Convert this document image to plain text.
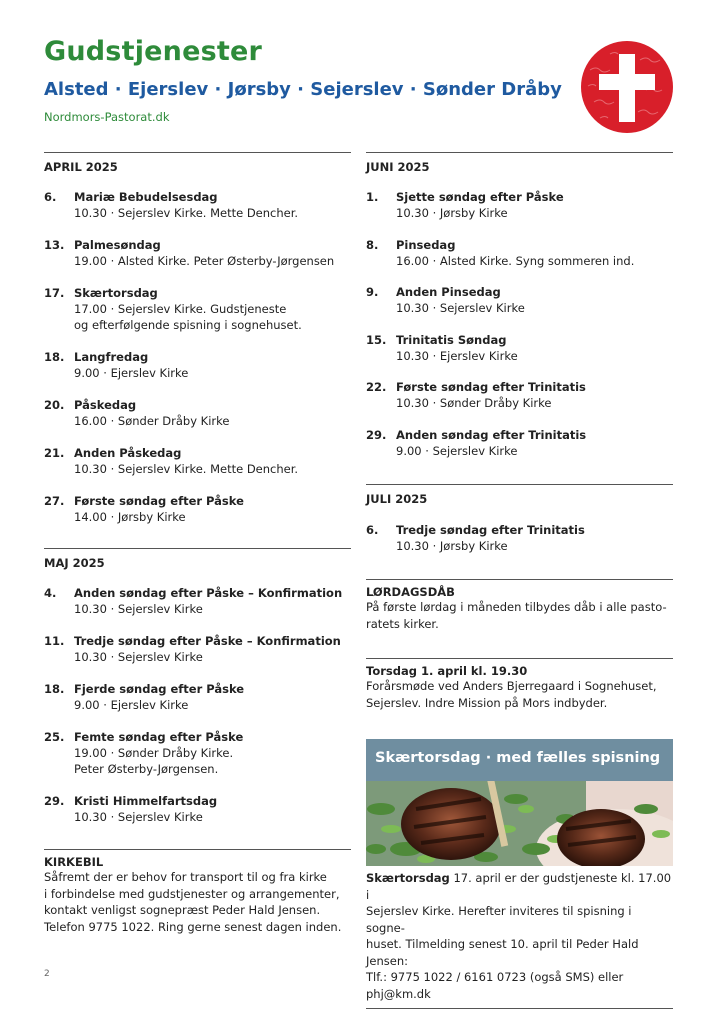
Gudstjenester
Alsted · Ejerslev · Jørsby · Sejerslev · Sønder Dråby
Nordmors-Pastorat.dk
APRIL 2025
6. Mariæ Bebudelsesdag
10.30 · Sejerslev Kirke. Mette Dencher.
13. Palmesøndag
19.00 · Alsted Kirke. Peter Østerby-Jørgensen
17. Skærtorsdag
17.00 · Sejerslev Kirke. Gudstjeneste
og efterfølgende spisning i sognehuset.
18. Langfredag
9.00 · Ejerslev Kirke
20. Påskedag
16.00 · Sønder Dråby Kirke
21. Anden Påskedag
10.30 · Sejerslev Kirke. Mette Dencher.
27. Første søndag efter Påske
14.00 · Jørsby Kirke
MAJ 2025
4. Anden søndag efter Påske – Konfirmation
10.30 · Sejerslev Kirke
11. Tredje søndag efter Påske – Konfirmation
10.30 · Sejerslev Kirke
18. Fjerde søndag efter Påske
9.00 · Ejerslev Kirke
25. Femte søndag efter Påske
19.00 · Sønder Dråby Kirke.
Peter Østerby-Jørgensen.
29. Kristi Himmelfartsdag
10.30 · Sejerslev Kirke
KIRKEBIL
Såfremt der er behov for transport til og fra kirke
i forbindelse med gudstjenester og arrangementer,
kontakt venligst sognepræst Peder Hald Jensen.
Telefon 9775 1022. Ring gerne senest dagen inden.
JUNI 2025
1. Sjette søndag efter Påske
10.30 · Jørsby Kirke
8. Pinsedag
16.00 · Alsted Kirke. Syng sommeren ind.
9. Anden Pinsedag
10.30 · Sejerslev Kirke
15. Trinitatis Søndag
10.30 · Ejerslev Kirke
22. Første søndag efter Trinitatis
10.30 · Sønder Dråby Kirke
29. Anden søndag efter Trinitatis
9.00 · Sejerslev Kirke
JULI 2025
6. Tredje søndag efter Trinitatis
10.30 · Jørsby Kirke
LØRDAGSDÅB
På første lørdag i måneden tilbydes dåb i alle pasto-
ratets kirker.
Torsdag 1. april kl. 19.30
Forårsmøde ved Anders Bjerregaard i Sognehuset,
Sejerslev. Indre Mission på Mors indbyder.
Skærtorsdag · med fælles spisning
Skærtorsdag 17. april er der gudstjeneste kl. 17.00 i
Sejerslev Kirke. Herefter inviteres til spisning i sogne-
huset. Tilmelding senest 10. april til Peder Hald Jensen:
Tlf.: 9775 1022 / 6161 0723 (også SMS) eller phj@km.dk
2
